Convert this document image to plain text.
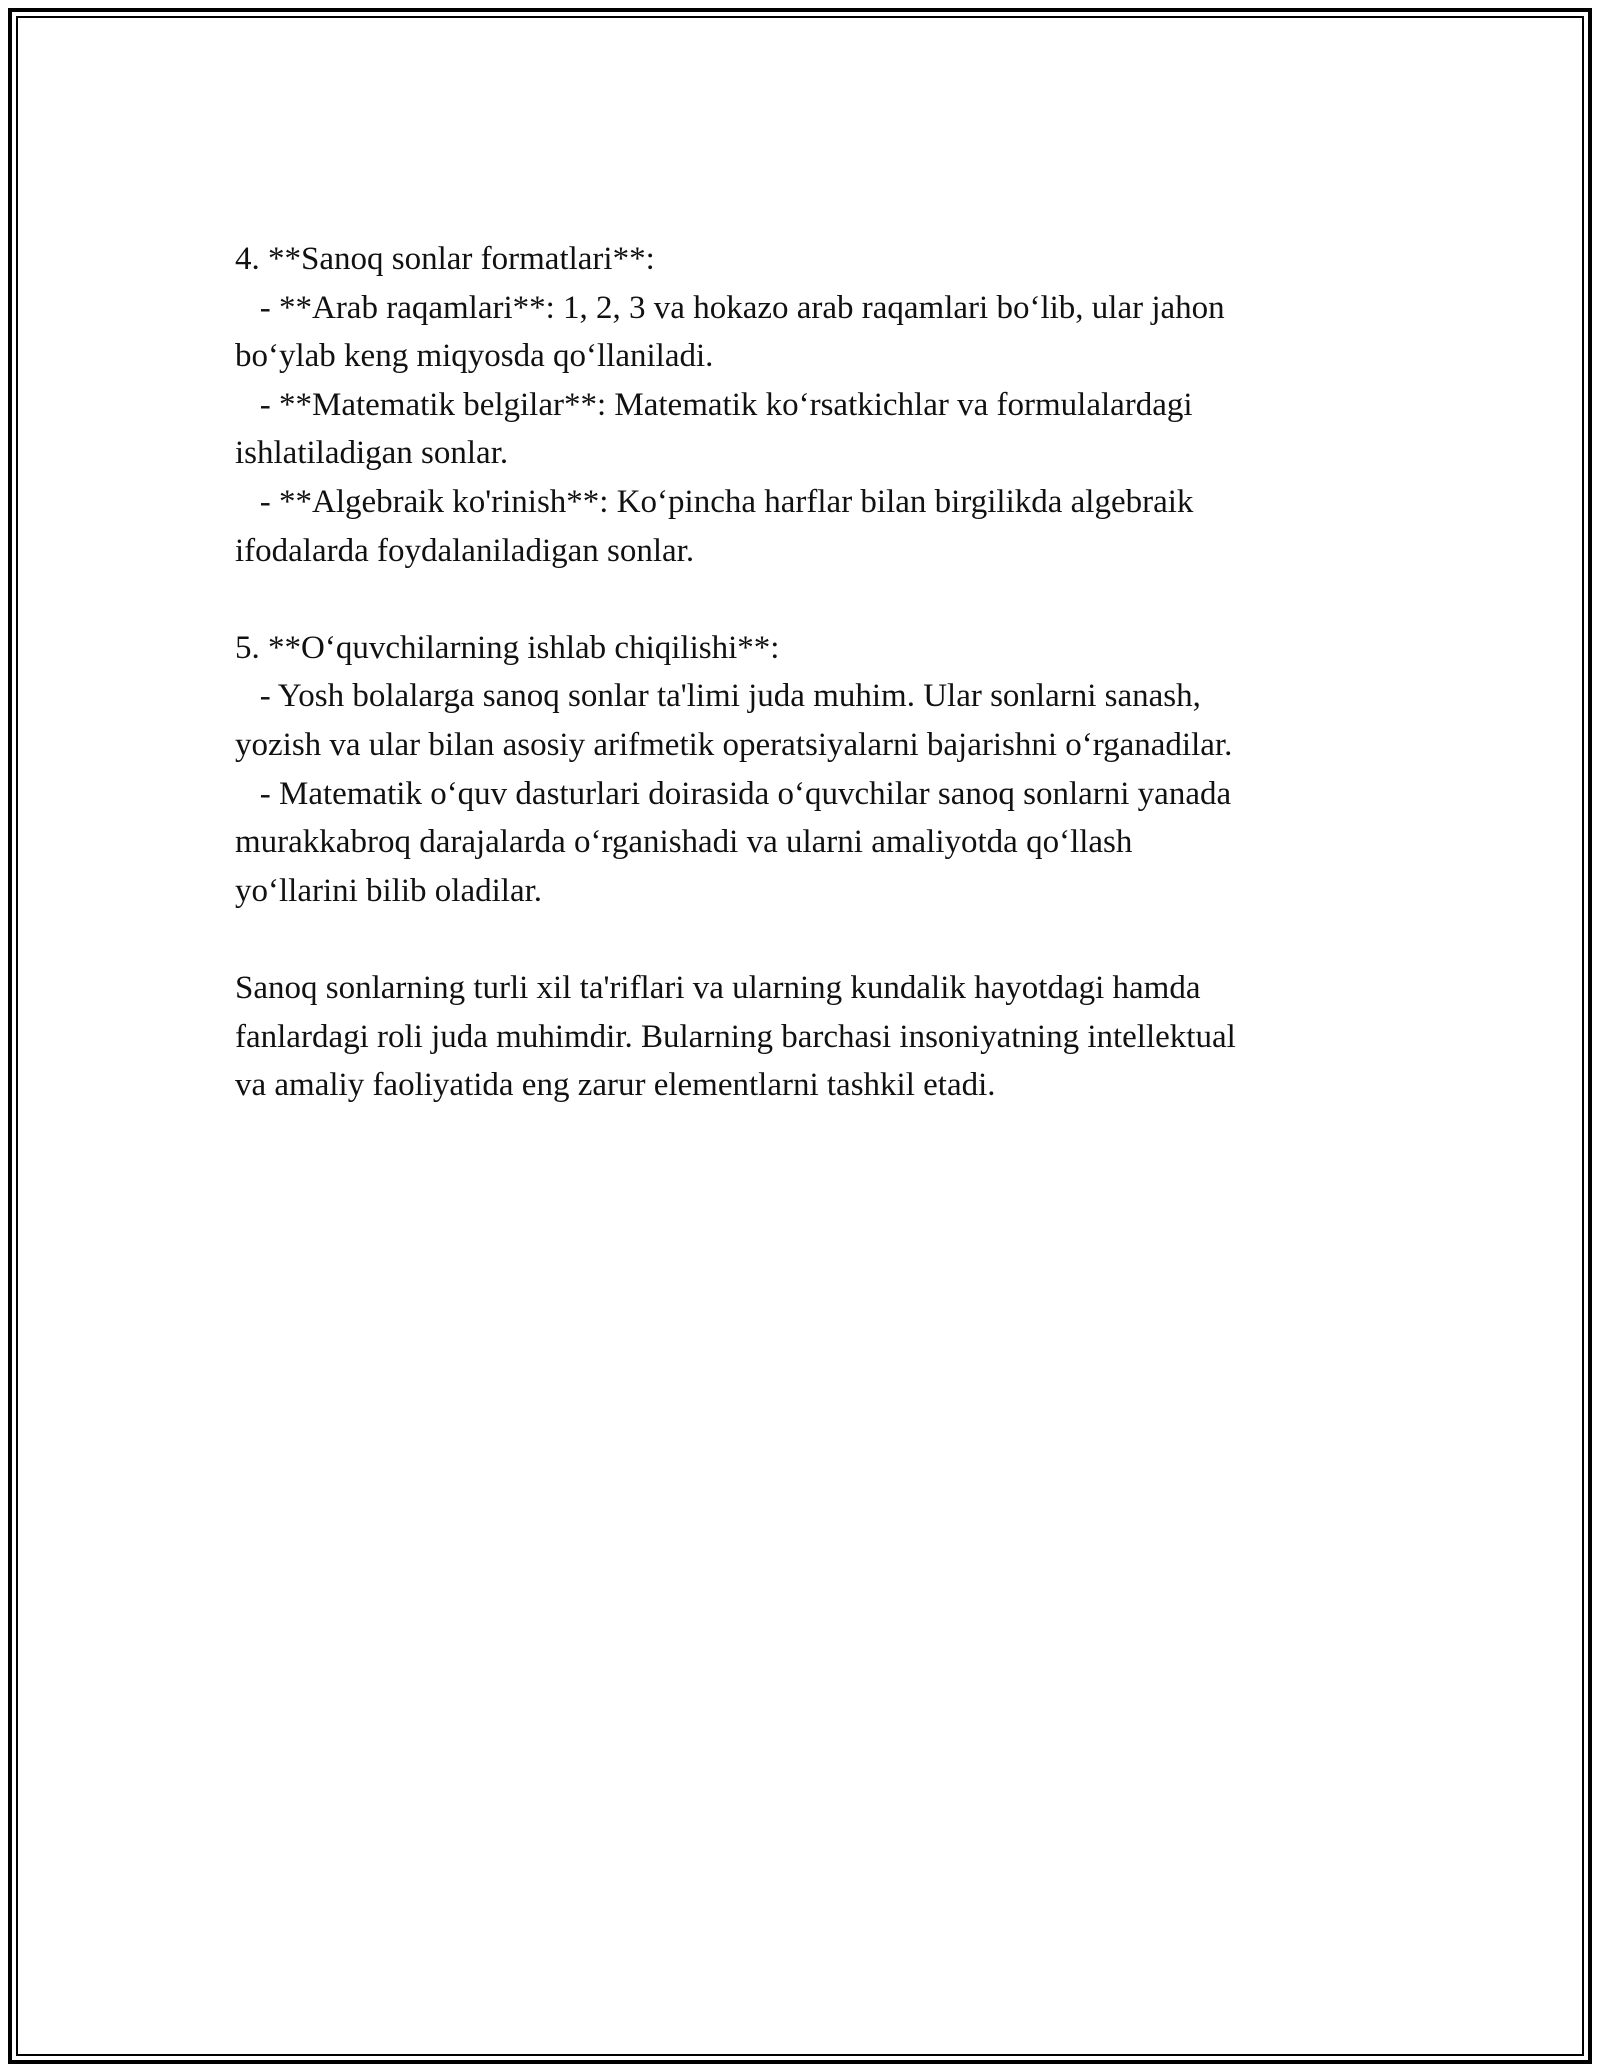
4. **Sanoq sonlar formatlari**:
- **Arab raqamlari**: 1, 2, 3 va hokazo arab raqamlari bo‘lib, ular jahon
bo‘ylab keng miqyosda qo‘llaniladi.
- **Matematik belgilar**: Matematik ko‘rsatkichlar va formulalardagi
ishlatiladigan sonlar.
- **Algebraik ko'rinish**: Ko‘pincha harflar bilan birgilikda algebraik
ifodalarda foydalaniladigan sonlar.
5. **O‘quvchilarning ishlab chiqilishi**:
- Yosh bolalarga sanoq sonlar ta'limi juda muhim. Ular sonlarni sanash,
yozish va ular bilan asosiy arifmetik operatsiyalarni bajarishni o‘rganadilar.
- Matematik o‘quv dasturlari doirasida o‘quvchilar sanoq sonlarni yanada
murakkabroq darajalarda o‘rganishadi va ularni amaliyotda qo‘llash
yo‘llarini bilib oladilar.
Sanoq sonlarning turli xil ta'riflari va ularning kundalik hayotdagi hamda
fanlardagi roli juda muhimdir. Bularning barchasi insoniyatning intellektual
va amaliy faoliyatida eng zarur elementlarni tashkil etadi.
